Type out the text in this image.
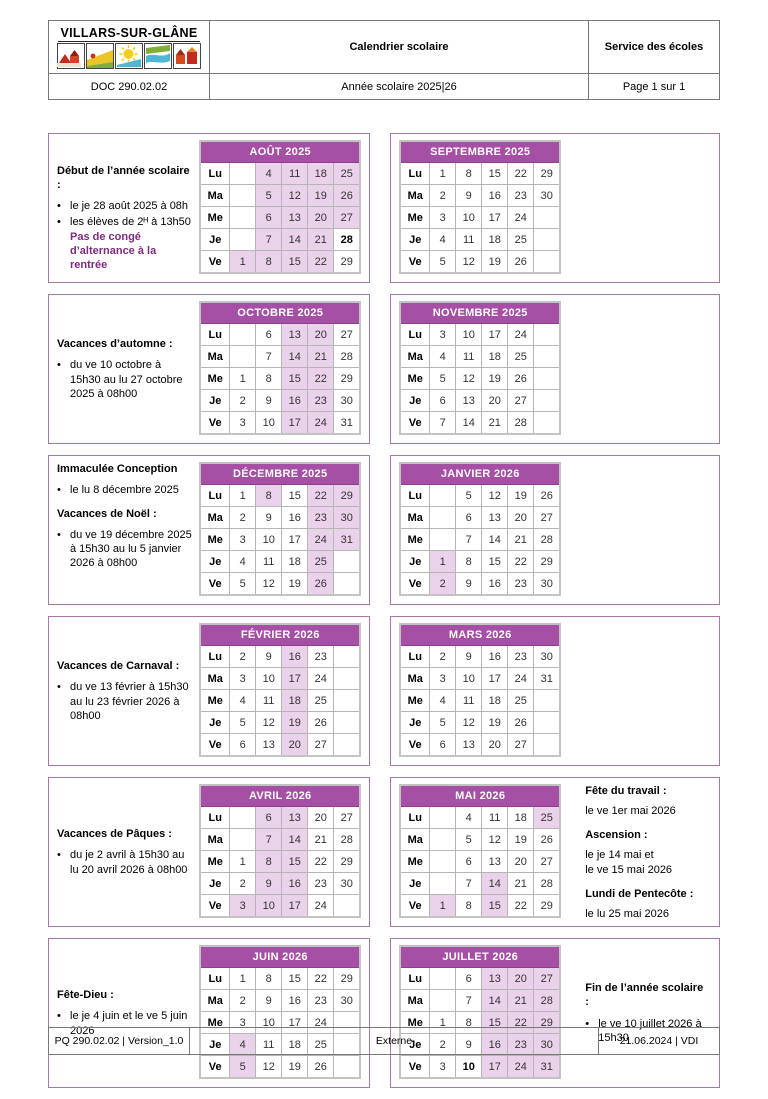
VILLARS-SUR-GLÂNE	Calendrier scolaire	Service des écoles
DOC 290.02.02	Année scolaire 2025|26	Page 1 sur 1
Début de l’année scolaire :
• le je 28 août 2025 à 08h
• les élèves de 2ᴴ à 13h50
Pas de congé d’alternance à la rentrée
AOÛT 2025					
Lu		4	11	18	25
Ma		5	12	19	26
Me		6	13	20	27
Je		7	14	21	28
Ve	1	8	15	22	29
SEPTEMBRE 2025					
Lu	1	8	15	22	29
Ma	2	9	16	23	30
Me	3	10	17	24	
Je	4	11	18	25	
Ve	5	12	19	26	
Vacances d’automne :
• du ve 10 octobre à 15h30 au lu 27 octobre 2025 à 08h00
OCTOBRE 2025					
Lu		6	13	20	27
Ma		7	14	21	28
Me	1	8	15	22	29
Je	2	9	16	23	30
Ve	3	10	17	24	31
NOVEMBRE 2025					
Lu	3	10	17	24	
Ma	4	11	18	25	
Me	5	12	19	26	
Je	6	13	20	27	
Ve	7	14	21	28	
Immaculée Conception
• le lu 8 décembre 2025
Vacances de Noël :
• du ve 19 décembre 2025 à 15h30 au lu 5 janvier 2026 à 08h00
DÉCEMBRE 2025					
Lu	1	8	15	22	29
Ma	2	9	16	23	30
Me	3	10	17	24	31
Je	4	11	18	25	
Ve	5	12	19	26	
JANVIER 2026					
Lu		5	12	19	26
Ma		6	13	20	27
Me		7	14	21	28
Je	1	8	15	22	29
Ve	2	9	16	23	30
Vacances de Carnaval :
• du ve 13 février à 15h30 au lu 23 février 2026 à 08h00
FÉVRIER 2026					
Lu	2	9	16	23	
Ma	3	10	17	24	
Me	4	11	18	25	
Je	5	12	19	26	
Ve	6	13	20	27	
MARS 2026					
Lu	2	9	16	23	30
Ma	3	10	17	24	31
Me	4	11	18	25	
Je	5	12	19	26	
Ve	6	13	20	27	
Vacances de Pâques :
• du je 2 avril à 15h30 au lu 20 avril 2026 à 08h00
AVRIL 2026					
Lu		6	13	20	27
Ma		7	14	21	28
Me	1	8	15	22	29
Je	2	9	16	23	30
Ve	3	10	17	24	
MAI 2026					
Lu		4	11	18	25
Ma		5	12	19	26
Me		6	13	20	27
Je		7	14	21	28
Ve	1	8	15	22	29
Fête du travail :
le ve 1er mai 2026
Ascension :
le je 14 mai et
le ve 15 mai 2026
Lundi de Pentecôte :
le lu 25 mai 2026
Fête-Dieu :
• le je 4 juin et le ve 5 juin 2026
JUIN 2026					
Lu	1	8	15	22	29
Ma	2	9	16	23	30
Me	3	10	17	24	
Je	4	11	18	25	
Ve	5	12	19	26	
JUILLET 2026					
Lu		6	13	20	27
Ma		7	14	21	28
Me	1	8	15	22	29
Je	2	9	16	23	30
Ve	3	10	17	24	31
Fin de l’année scolaire :
• le ve 10 juillet 2026 à 15h30
PQ 290.02.02 | Version_1.0	Externe	21.06.2024 | VDI
